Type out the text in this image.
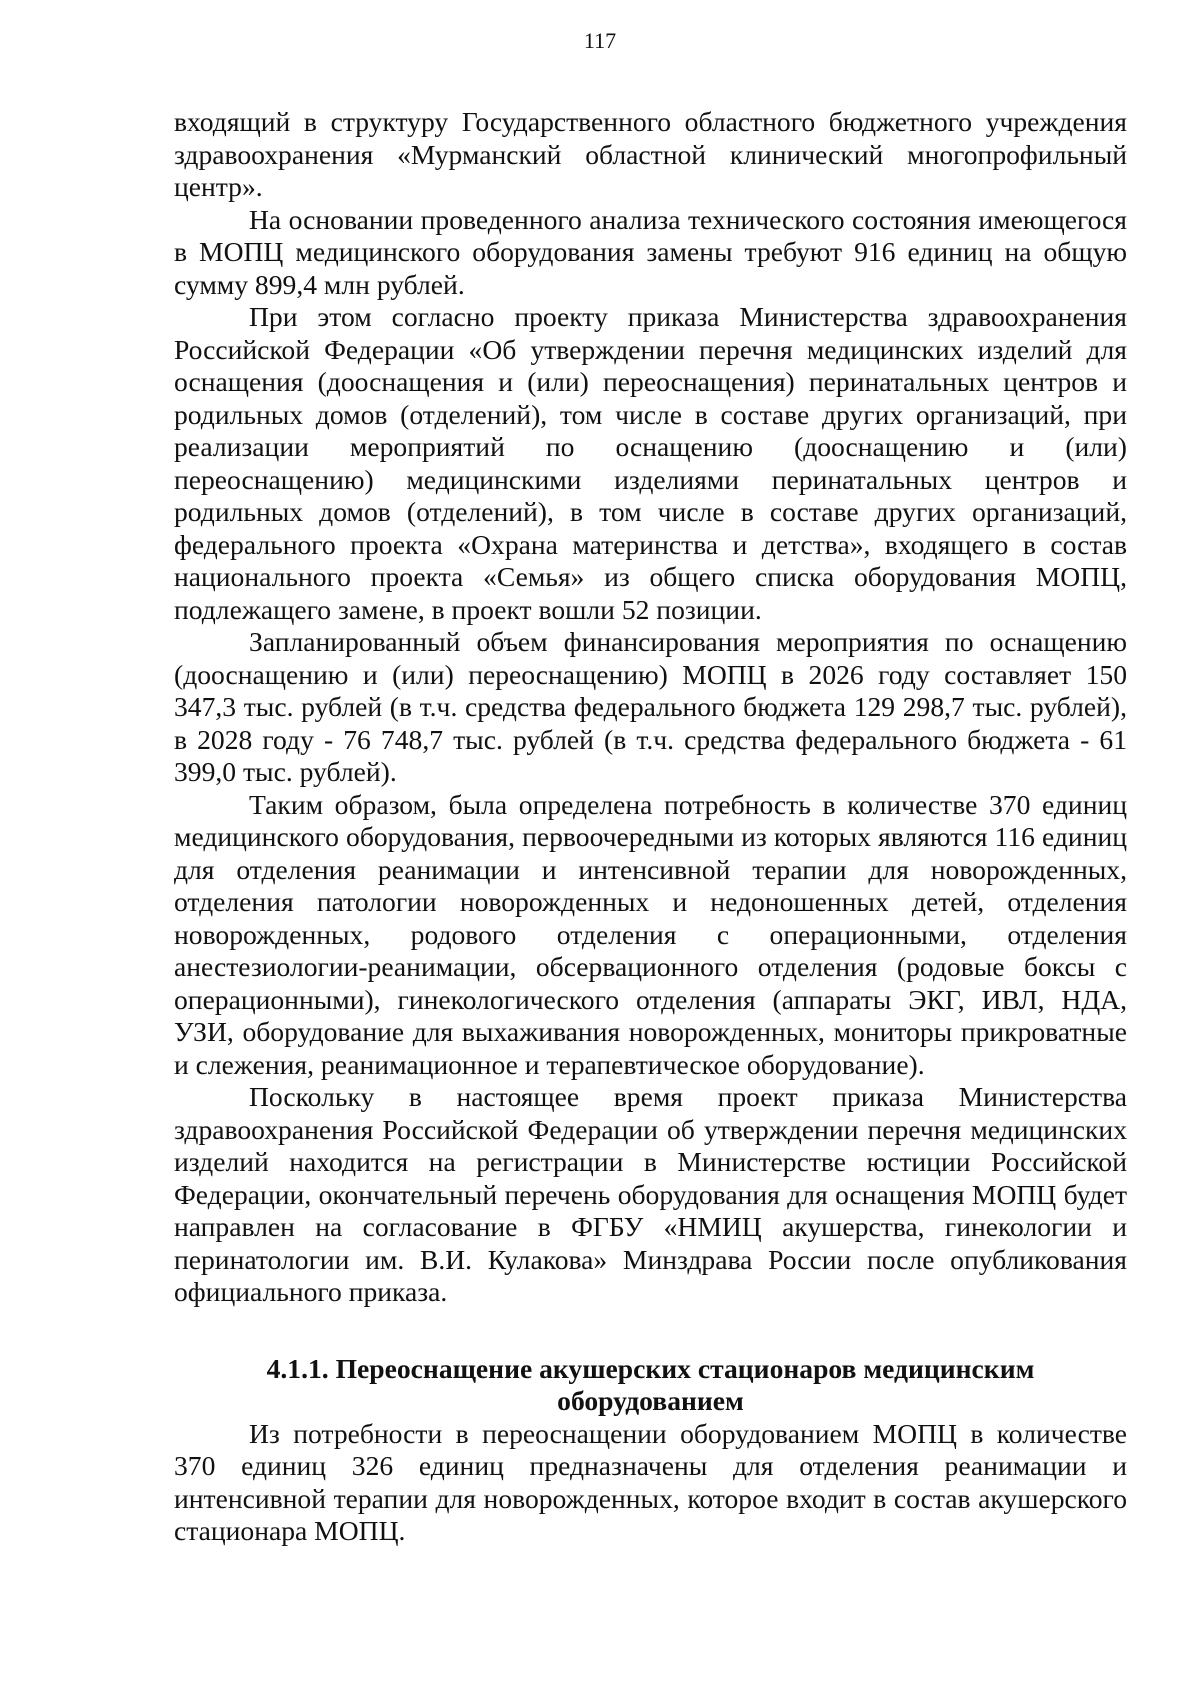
117

входящий в структуру Государственного областного бюджетного учреждения здравоохранения «Мурманский областной клинический многопрофильный центр».

На основании проведенного анализа технического состояния имеющегося в МОПЦ медицинского оборудования замены требуют 916 единиц на общую сумму 899,4 млн рублей.

При этом согласно проекту приказа Министерства здравоохранения Российской Федерации «Об утверждении перечня медицинских изделий для оснащения (дооснащения и (или) переоснащения) перинатальных центров и родильных домов (отделений), том числе в составе других организаций, при реализации мероприятий по оснащению (дооснащению и (или) переоснащению) медицинскими изделиями перинатальных центров и родильных домов (отделений), в том числе в составе других организаций, федерального проекта «Охрана материнства и детства», входящего в состав национального проекта «Семья» из общего списка оборудования МОПЦ, подлежащего замене, в проект вошли 52 позиции.

Запланированный объем финансирования мероприятия по оснащению (дооснащению и (или) переоснащению) МОПЦ в 2026 году составляет 150 347,3 тыс. рублей (в т.ч. средства федерального бюджета 129 298,7 тыс. рублей), в 2028 году - 76 748,7 тыс. рублей (в т.ч. средства федерального бюджета - 61 399,0 тыс. рублей).

Таким образом, была определена потребность в количестве 370 единиц медицинского оборудования, первоочередными из которых являются 116 единиц для отделения реанимации и интенсивной терапии для новорожденных, отделения патологии новорожденных и недоношенных детей, отделения новорожденных, родового отделения с операционными, отделения анестезиологии-реанимации, обсервационного отделения (родовые боксы с операционными), гинекологического отделения (аппараты ЭКГ, ИВЛ, НДА, УЗИ, оборудование для выхаживания новорожденных, мониторы прикроватные и слежения, реанимационное и терапевтическое оборудование).

Поскольку в настоящее время проект приказа Министерства здравоохранения Российской Федерации об утверждении перечня медицинских изделий находится на регистрации в Министерстве юстиции Российской Федерации, окончательный перечень оборудования для оснащения МОПЦ будет направлен на согласование в ФГБУ «НМИЦ акушерства, гинекологии и перинатологии им. В.И. Кулакова» Минздрава России после опубликования официального приказа.

4.1.1. Переоснащение акушерских стационаров медицинским оборудованием

Из потребности в переоснащении оборудованием МОПЦ в количестве 370 единиц 326 единиц предназначены для отделения реанимации и интенсивной терапии для новорожденных, которое входит в состав акушерского стационара МОПЦ.
